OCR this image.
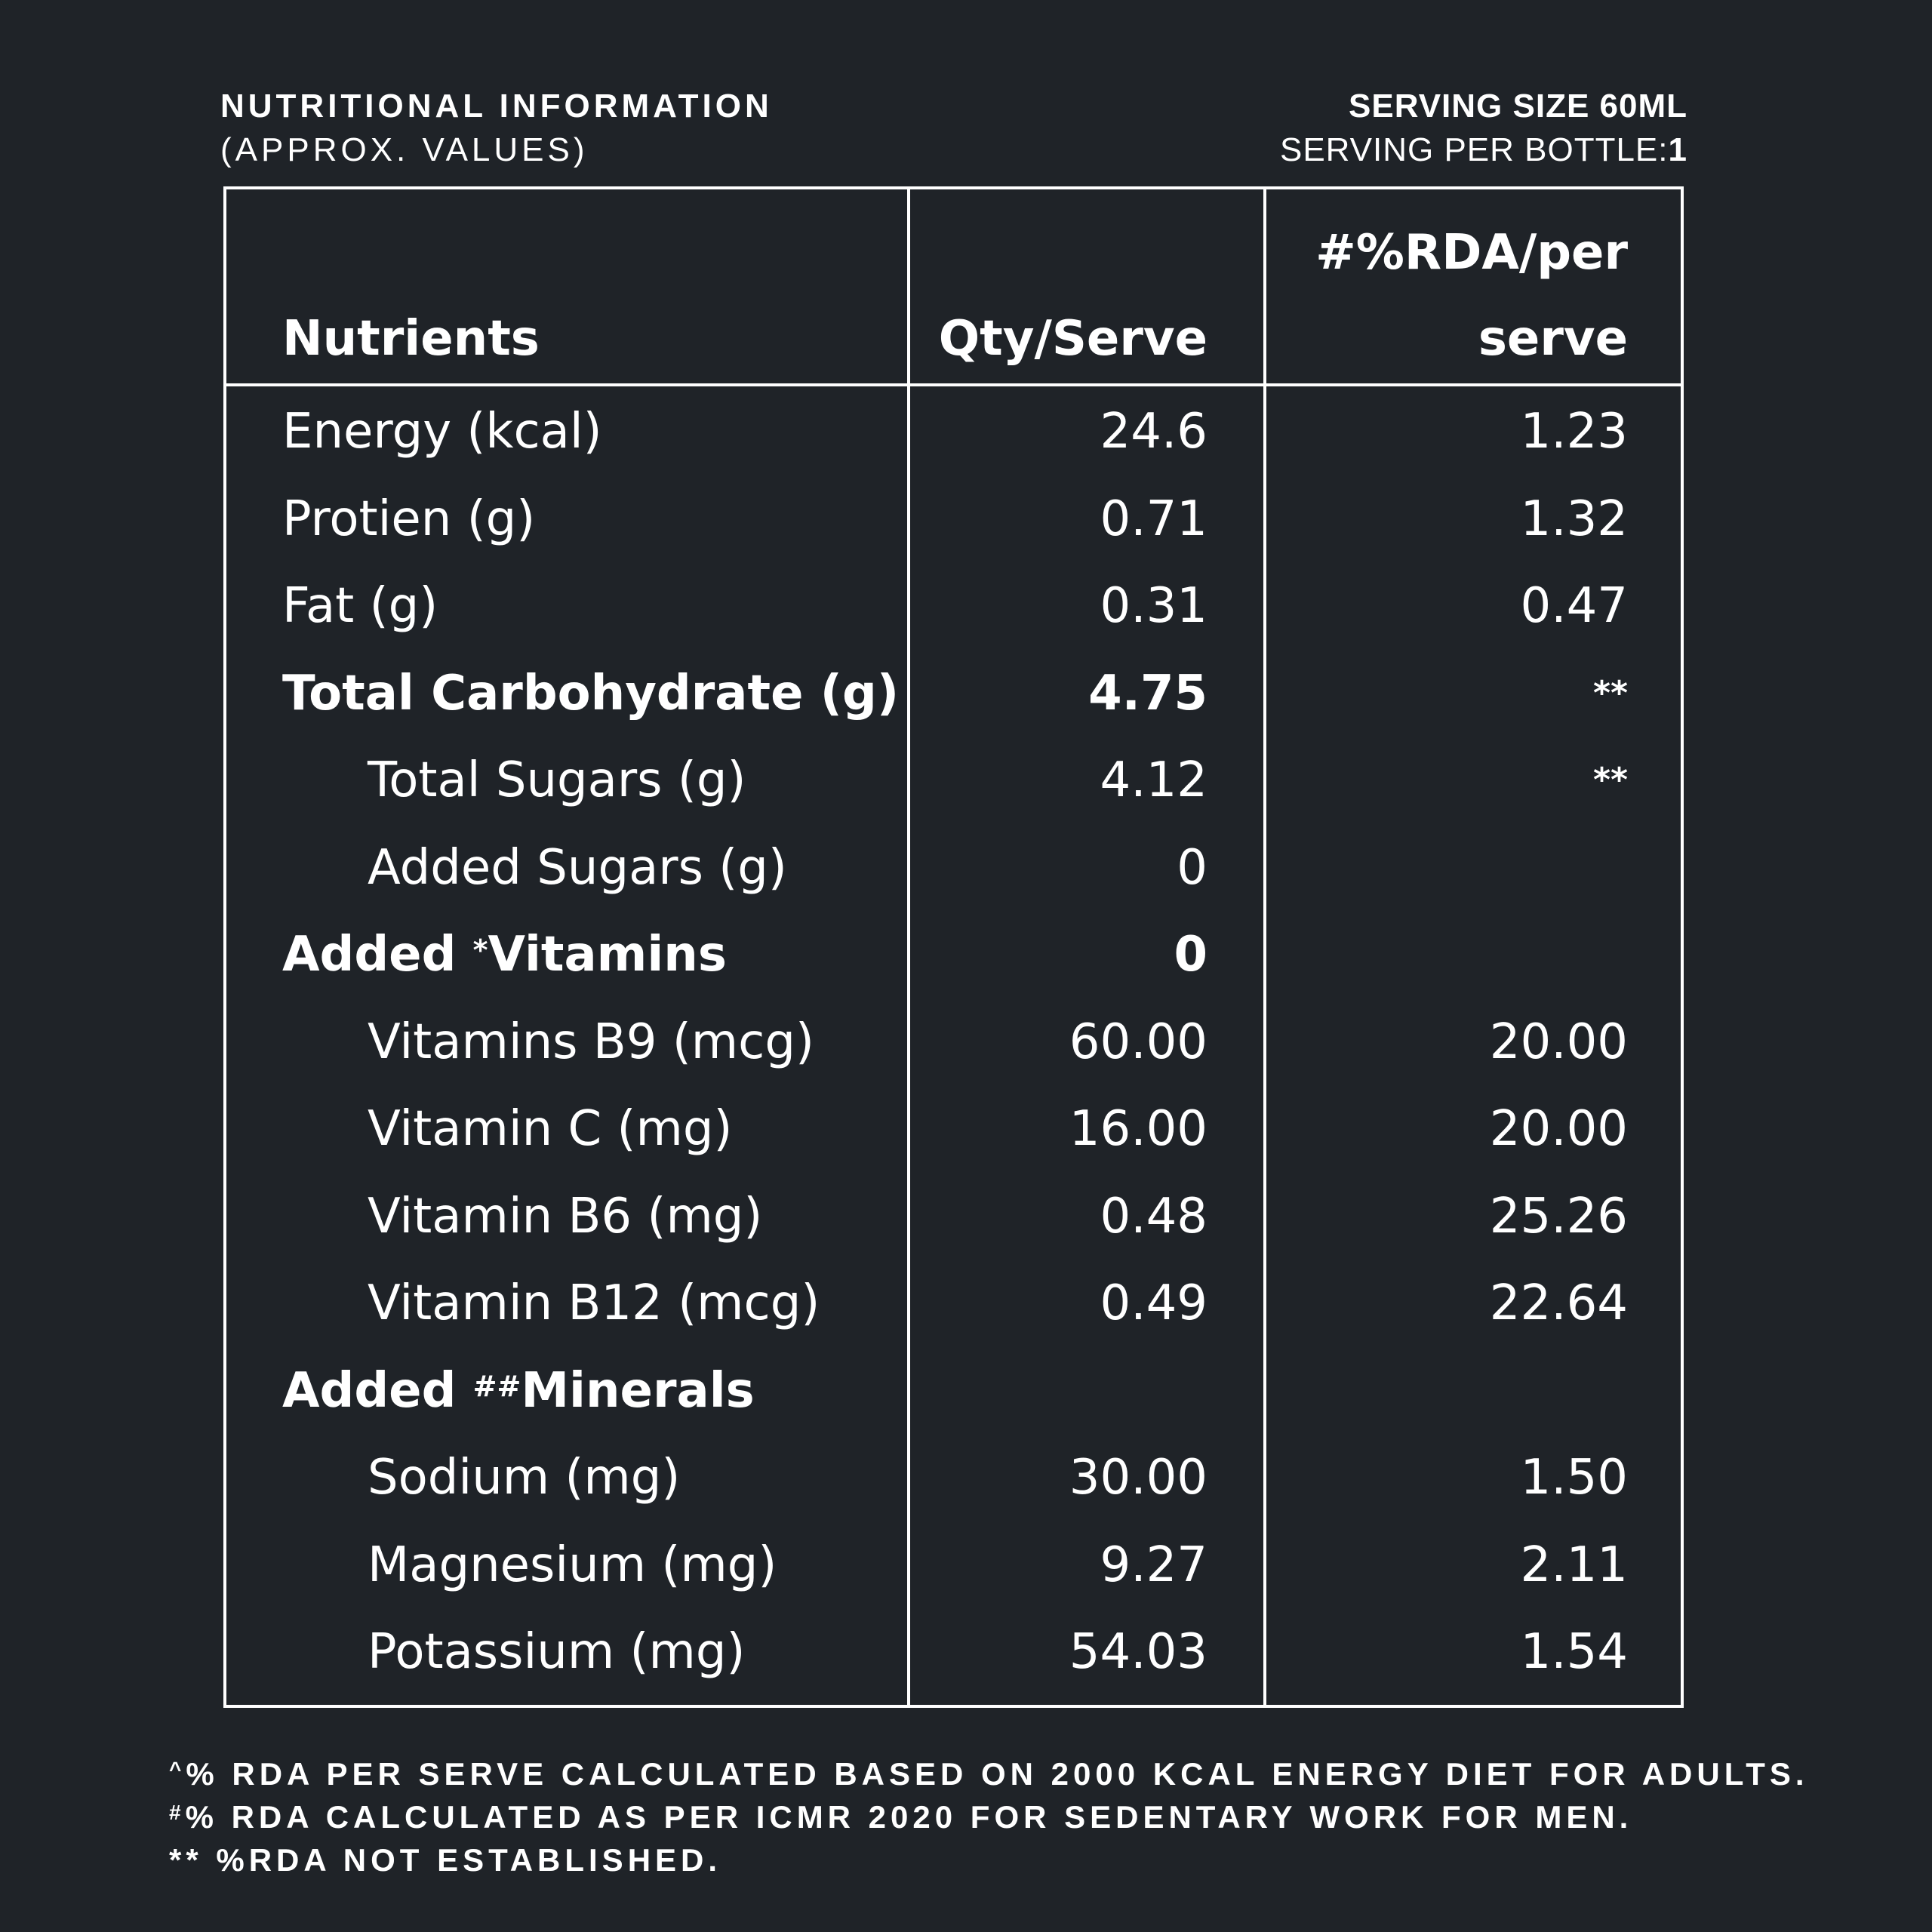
NUTRITIONAL INFORMATION
(APPROX. VALUES)
SERVING SIZE 60ML
SERVING PER BOTTLE:1
Nutrients	Qty/Serve
#%RDA/per
serve
Energy (kcal)	24.6	1.23
Protien (g)	0.71	1.32
Fat (g)	0.31	0.47
Total Carbohydrate (g)	4.75	**
Total Sugars (g)	4.12	**
Added Sugars (g)	0
Added *Vitamins	0
Vitamins B9 (mcg)	60.00	20.00
Vitamin C (mg)	16.00	20.00
Vitamin B6 (mg)	0.48	25.26
Vitamin B12 (mcg)	0.49	22.64
Added ##Minerals
Sodium (mg)	30.00	1.50
Magnesium (mg)	9.27	2.11
Potassium (mg)	54.03	1.54
^% RDA PER SERVE CALCULATED BASED ON 2000 KCAL ENERGY DIET FOR ADULTS.
#% RDA CALCULATED AS PER ICMR 2020 FOR SEDENTARY WORK FOR MEN.
** %RDA NOT ESTABLISHED.
